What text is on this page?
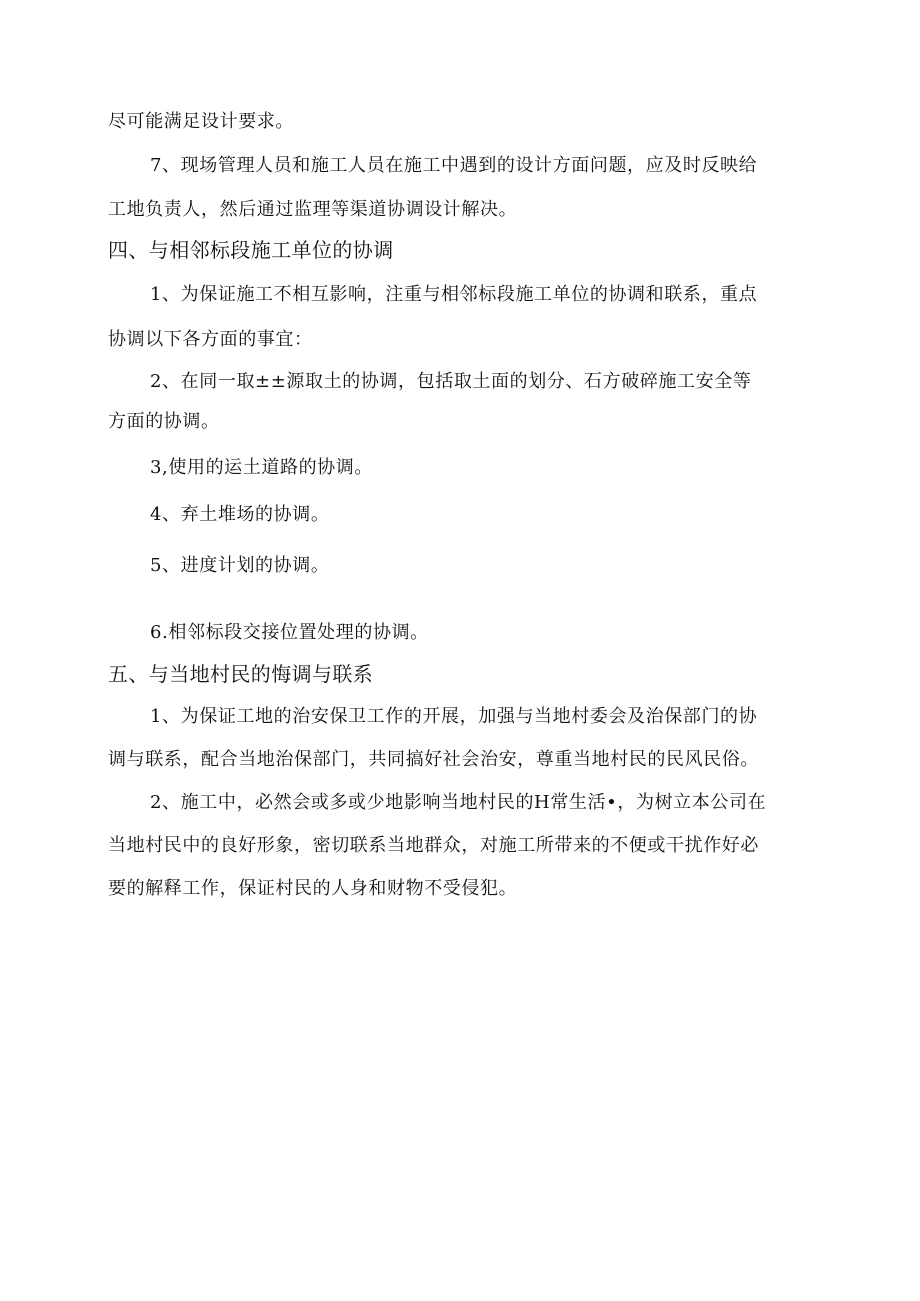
尽可能满足设计要求。
7、现场管理人员和施工人员在施工中遇到的设计方面问题，应及时反映给
工地负责人，然后通过监理等渠道协调设计解决。
四、与相邻标段施工单位的协调
1、为保证施工不相互影响，注重与相邻标段施工单位的协调和联系，重点
协调以下各方面的事宜：
2、在同一取±±源取土的协调，包括取土面的划分、石方破碎施工安全等
方面的协调。
3,使用的运土道路的协调。
4、弃土堆场的协调。
5、进度计划的协调。
6.相邻标段交接位置处理的协调。
五、与当地村民的悔调与联系
1、为保证工地的治安保卫工作的开展，加强与当地村委会及治保部门的协
调与联系，配合当地治保部门，共同搞好社会治安，尊重当地村民的民风民俗。
2、施工中，必然会或多或少地影响当地村民的H常生活•，为树立本公司在
当地村民中的良好形象，密切联系当地群众，对施工所带来的不便或干扰作好必
要的解释工作，保证村民的人身和财物不受侵犯。
